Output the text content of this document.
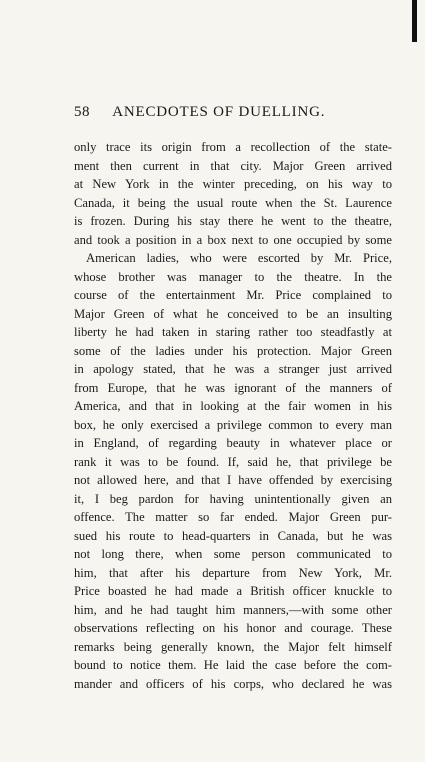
58 ANECDOTES OF DUELLING.
only trace its origin from a recollection of the state-
ment then current in that city. Major Green arrived
at New York in the winter preceding, on his way to
Canada, it being the usual route when the St. Laurence
is frozen. During his stay there he went to the theatre,
and took a position in a box next to one occupied by some
American ladies, who were escorted by Mr. Price,
whose brother was manager to the theatre. In the
course of the entertainment Mr. Price complained to
Major Green of what he conceived to be an insulting
liberty he had taken in staring rather too steadfastly at
some of the ladies under his protection. Major Green
in apology stated, that he was a stranger just arrived
from Europe, that he was ignorant of the manners of
America, and that in looking at the fair women in his
box, he only exercised a privilege common to every man
in England, of regarding beauty in whatever place or
rank it was to be found. If, said he, that privilege be
not allowed here, and that I have offended by exercising
it, I beg pardon for having unintentionally given an
offence. The matter so far ended. Major Green pur-
sued his route to head-quarters in Canada, but he was
not long there, when some person communicated to
him, that after his departure from New York, Mr.
Price boasted he had made a British officer knuckle to
him, and he had taught him manners,—with some other
observations reflecting on his honor and courage. These
remarks being generally known, the Major felt himself
bound to notice them. He laid the case before the com-
mander and officers of his corps, who declared he was
